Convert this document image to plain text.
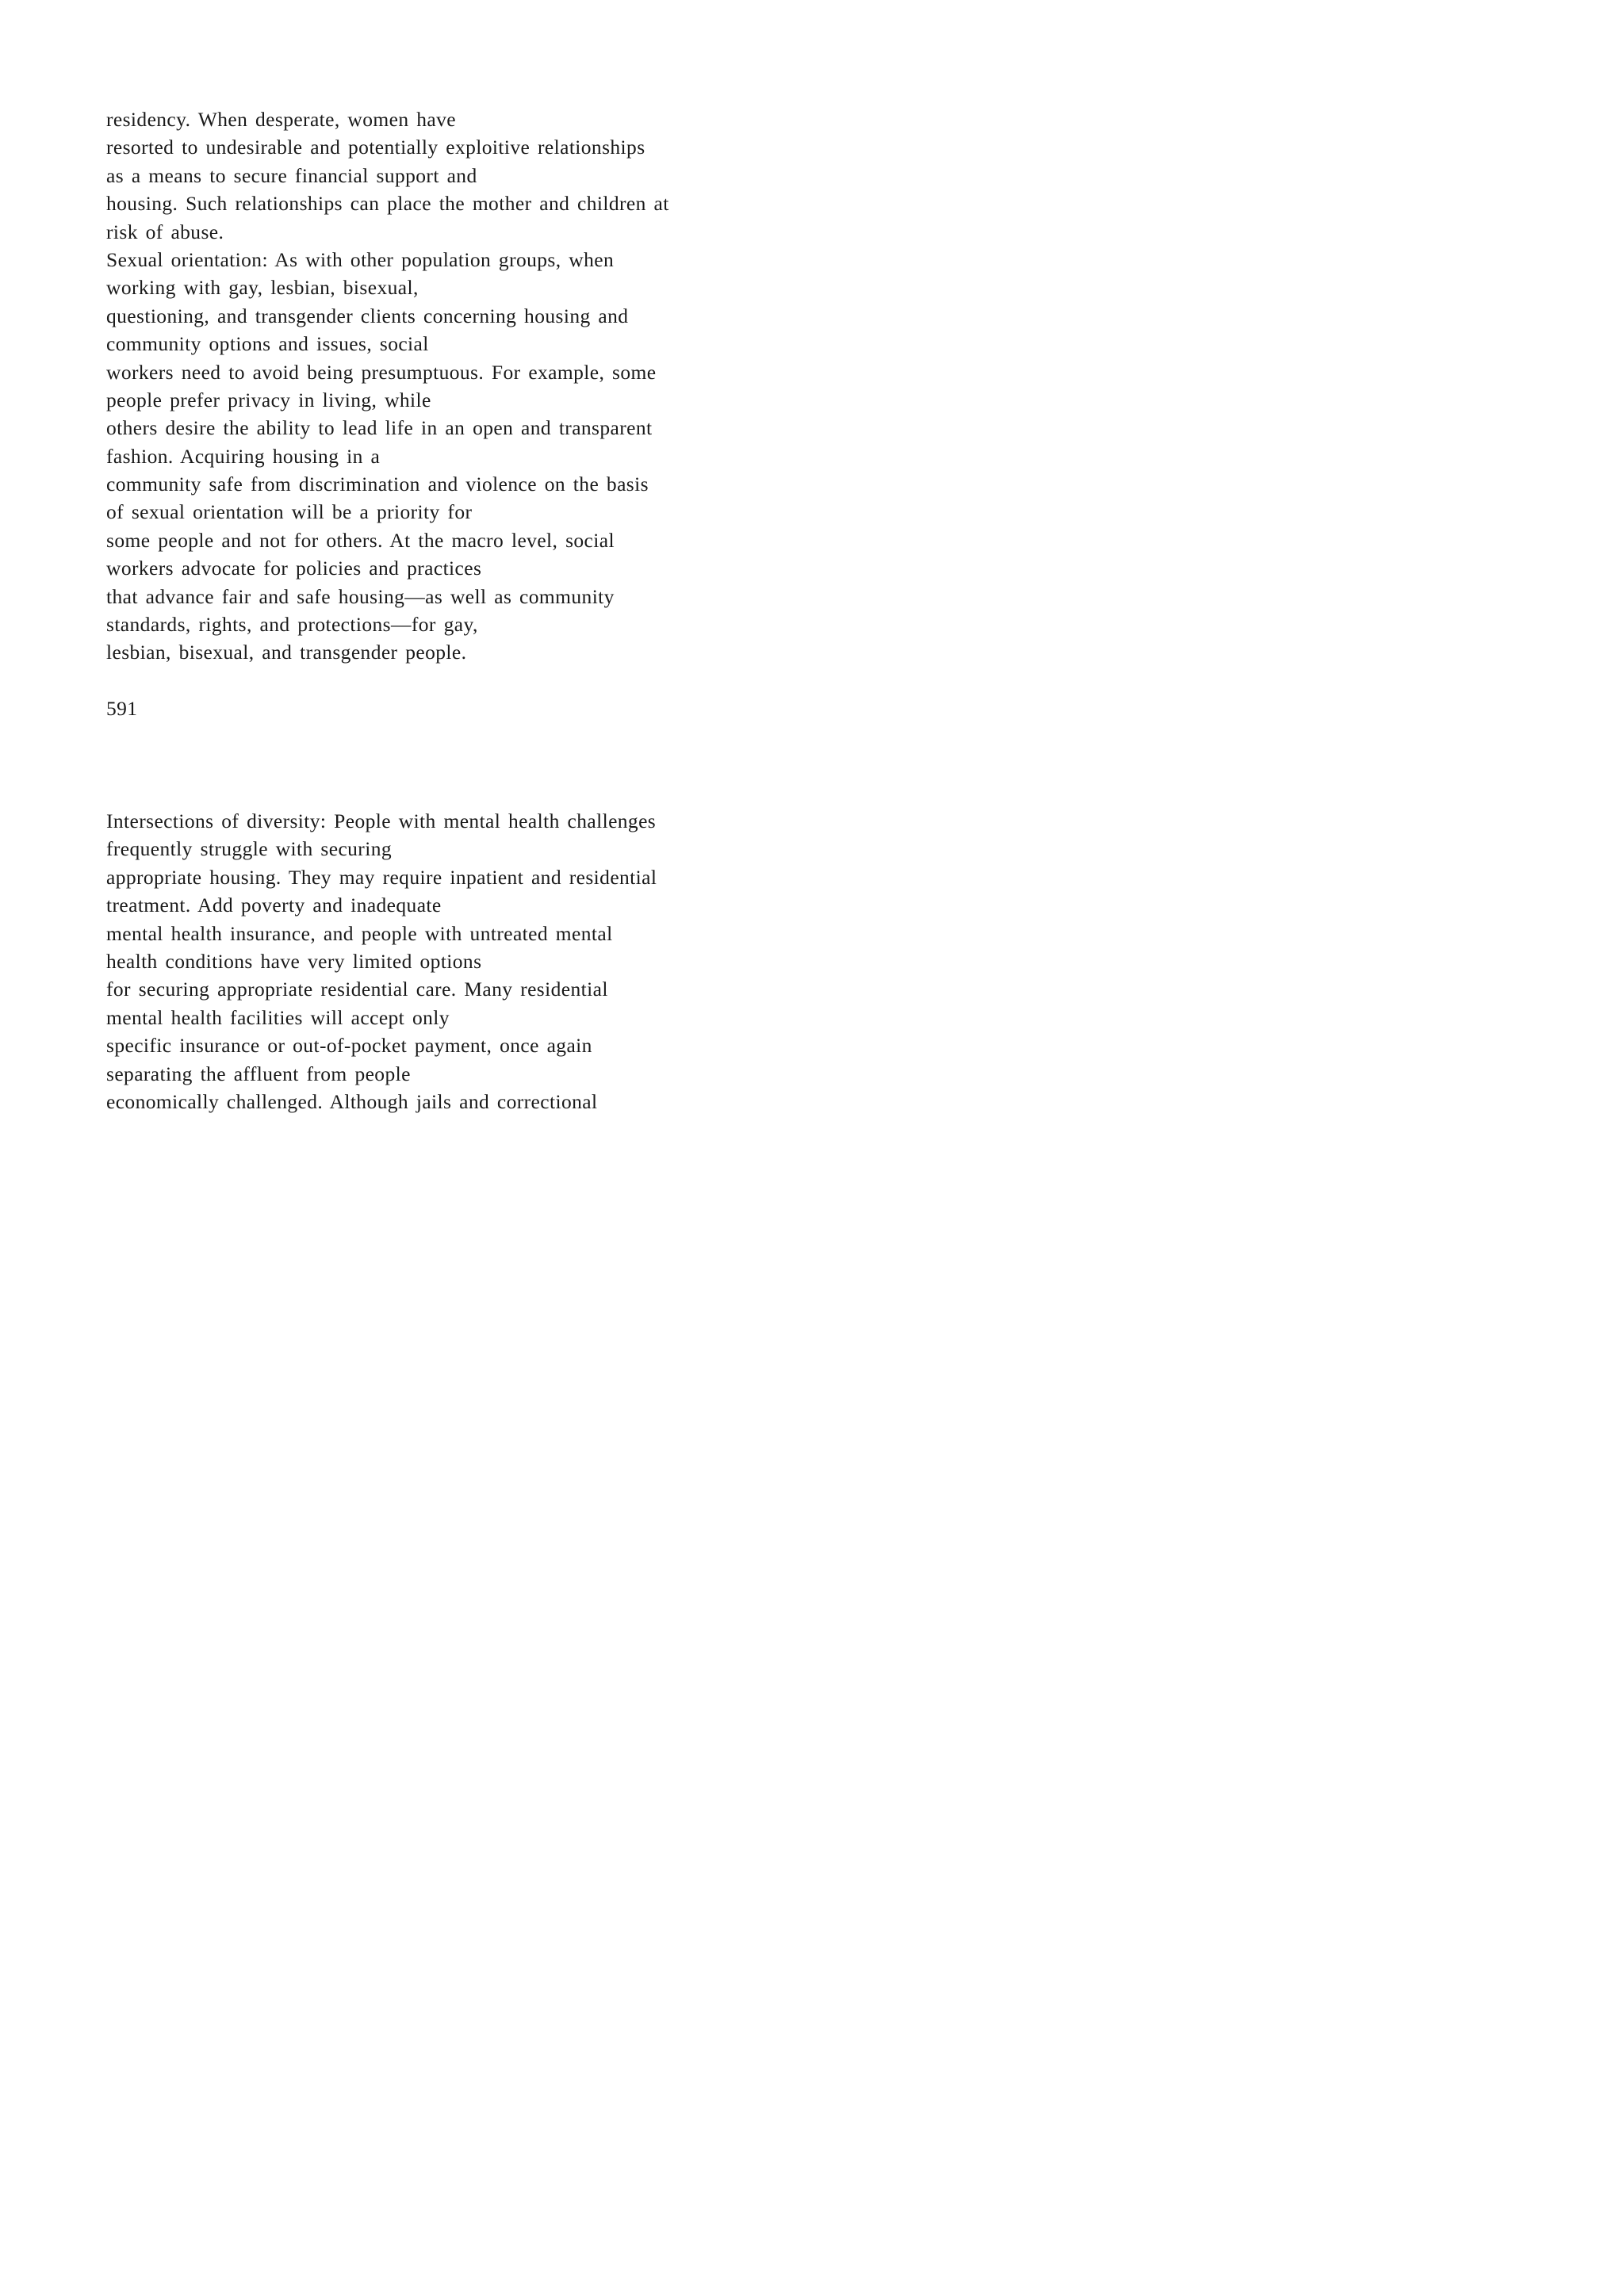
residency. When desperate, women have
resorted to undesirable and potentially exploitive relationships
as a means to secure financial support and
housing. Such relationships can place the mother and children at
risk of abuse.
Sexual orientation: As with other population groups, when
working with gay, lesbian, bisexual,
questioning, and transgender clients concerning housing and
community options and issues, social
workers need to avoid being presumptuous. For example, some
people prefer privacy in living, while
others desire the ability to lead life in an open and transparent
fashion. Acquiring housing in a
community safe from discrimination and violence on the basis
of sexual orientation will be a priority for
some people and not for others. At the macro level, social
workers advocate for policies and practices
that advance fair and safe housing—as well as community
standards, rights, and protections—for gay,
lesbian, bisexual, and transgender people.
591
Intersections of diversity: People with mental health challenges
frequently struggle with securing
appropriate housing. They may require inpatient and residential
treatment. Add poverty and inadequate
mental health insurance, and people with untreated mental
health conditions have very limited options
for securing appropriate residential care. Many residential
mental health facilities will accept only
specific insurance or out-of-pocket payment, once again
separating the affluent from people
economically challenged. Although jails and correctional
